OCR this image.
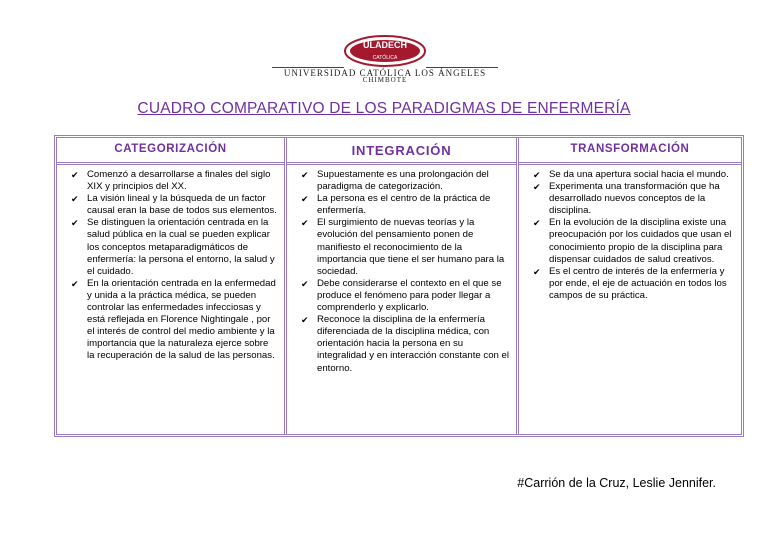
ULADECH
CATÓLICA
UNIVERSIDAD CATÓLICA LOS ÁNGELES
CHIMBOTE
CUADRO COMPARATIVO DE LOS PARADIGMAS DE ENFERMERÍA
CATEGORIZACIÓN
✔ Comenzó a desarrollarse a finales del siglo XIX y principios del XX.
✔ La visión lineal y la búsqueda de un factor causal eran la base de todos sus elementos.
✔ Se distinguen la orientación centrada en la salud pública en la cual se pueden explicar los conceptos metaparadigmáticos de enfermería: la persona el entorno, la salud y el cuidado.
✔ En la orientación centrada en la enfermedad y unida a la práctica médica, se pueden controlar las enfermedades infecciosas y está reflejada en Florence Nightingale , por el interés de control del medio ambiente y la importancia que la naturaleza ejerce sobre la recuperación de la salud de las personas.
INTEGRACIÓN
✔ Supuestamente es una prolongación del paradigma de categorización.
✔ La persona es el centro de la práctica de enfermería.
✔ El surgimiento de nuevas teorías y la evolución del pensamiento ponen de manifiesto el reconocimiento de la importancia que tiene el ser humano para la sociedad.
✔ Debe considerarse el contexto en el que se produce el fenómeno para poder llegar a comprenderlo y explicarlo.
✔ Reconoce la disciplina de la enfermería diferenciada de la disciplina médica, con orientación hacia la persona en su integralidad y en interacción constante con el entorno.
TRANSFORMACIÓN
✔ Se da una apertura social hacia el mundo.
✔ Experimenta una transformación que ha desarrollado nuevos conceptos de la disciplina.
✔ En la evolución de la disciplina existe una preocupación por los cuidados que usan el conocimiento propio de la disciplina para dispensar cuidados de salud creativos.
✔ Es el centro de interés de la enfermería y por ende, el eje de actuación en todos los campos de su práctica.
#Carrión de la Cruz, Leslie Jennifer.
